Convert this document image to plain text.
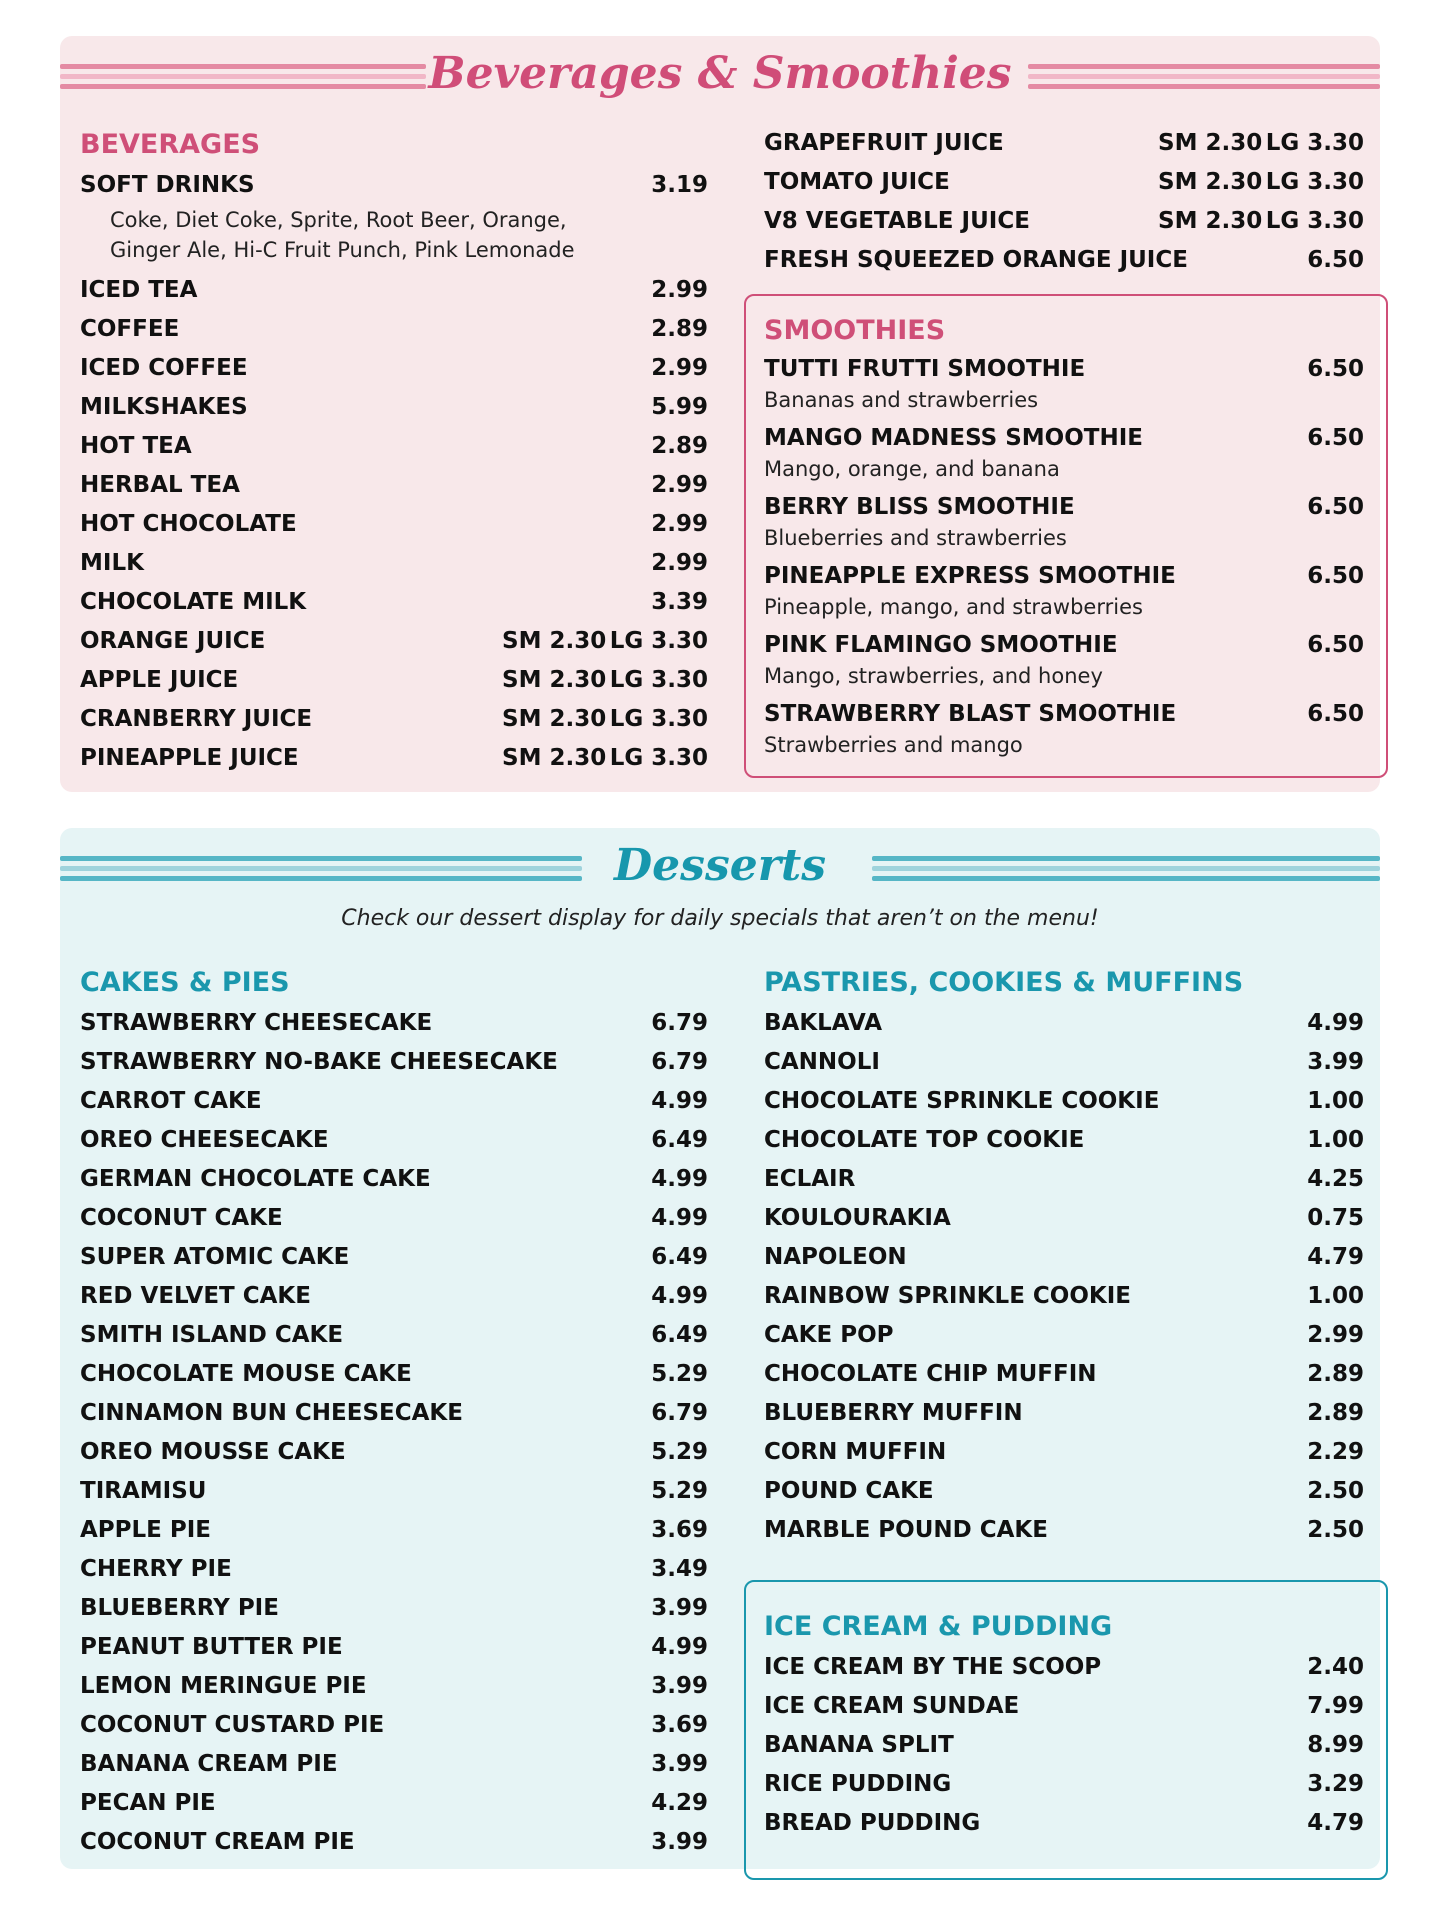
Beverages & Smoothies
BEVERAGES
SOFT DRINKS	3.19
Coke, Diet Coke, Sprite, Root Beer, Orange,
Ginger Ale, Hi-C Fruit Punch, Pink Lemonade
ICED TEA	2.99
COFFEE	2.89
ICED COFFEE	2.99
MILKSHAKES	5.99
HOT TEA	2.89
HERBAL TEA	2.99
HOT CHOCOLATE	2.99
MILK	2.99
CHOCOLATE MILK	3.39
ORANGE JUICE	SM 2.30 LG 3.30
APPLE JUICE	SM 2.30 LG 3.30
CRANBERRY JUICE	SM 2.30 LG 3.30
PINEAPPLE JUICE	SM 2.30 LG 3.30
GRAPEFRUIT JUICE	SM 2.30 LG 3.30
TOMATO JUICE	SM 2.30 LG 3.30
V8 VEGETABLE JUICE	SM 2.30 LG 3.30
FRESH SQUEEZED ORANGE JUICE	6.50
SMOOTHIES
TUTTI FRUTTI SMOOTHIE	6.50
Bananas and strawberries
MANGO MADNESS SMOOTHIE	6.50
Mango, orange, and banana
BERRY BLISS SMOOTHIE	6.50
Blueberries and strawberries
PINEAPPLE EXPRESS SMOOTHIE	6.50
Pineapple, mango, and strawberries
PINK FLAMINGO SMOOTHIE	6.50
Mango, strawberries, and honey
STRAWBERRY BLAST SMOOTHIE	6.50
Strawberries and mango
Desserts
Check our dessert display for daily specials that aren’t on the menu!
CAKES & PIES
STRAWBERRY CHEESECAKE	6.79
STRAWBERRY NO-BAKE CHEESECAKE	6.79
CARROT CAKE	4.99
OREO CHEESECAKE	6.49
GERMAN CHOCOLATE CAKE	4.99
COCONUT CAKE	4.99
SUPER ATOMIC CAKE	6.49
RED VELVET CAKE	4.99
SMITH ISLAND CAKE	6.49
CHOCOLATE MOUSE CAKE	5.29
CINNAMON BUN CHEESECAKE	6.79
OREO MOUSSE CAKE	5.29
TIRAMISU	5.29
APPLE PIE	3.69
CHERRY PIE	3.49
BLUEBERRY PIE	3.99
PEANUT BUTTER PIE	4.99
LEMON MERINGUE PIE	3.99
COCONUT CUSTARD PIE	3.69
BANANA CREAM PIE	3.99
PECAN PIE	4.29
COCONUT CREAM PIE	3.99
PASTRIES, COOKIES & MUFFINS
BAKLAVA	4.99
CANNOLI	3.99
CHOCOLATE SPRINKLE COOKIE	1.00
CHOCOLATE TOP COOKIE	1.00
ECLAIR	4.25
KOULOURAKIA	0.75
NAPOLEON	4.79
RAINBOW SPRINKLE COOKIE	1.00
CAKE POP	2.99
CHOCOLATE CHIP MUFFIN	2.89
BLUEBERRY MUFFIN	2.89
CORN MUFFIN	2.29
POUND CAKE	2.50
MARBLE POUND CAKE	2.50
ICE CREAM & PUDDING
ICE CREAM BY THE SCOOP	2.40
ICE CREAM SUNDAE	7.99
BANANA SPLIT	8.99
RICE PUDDING	3.29
BREAD PUDDING	4.79
